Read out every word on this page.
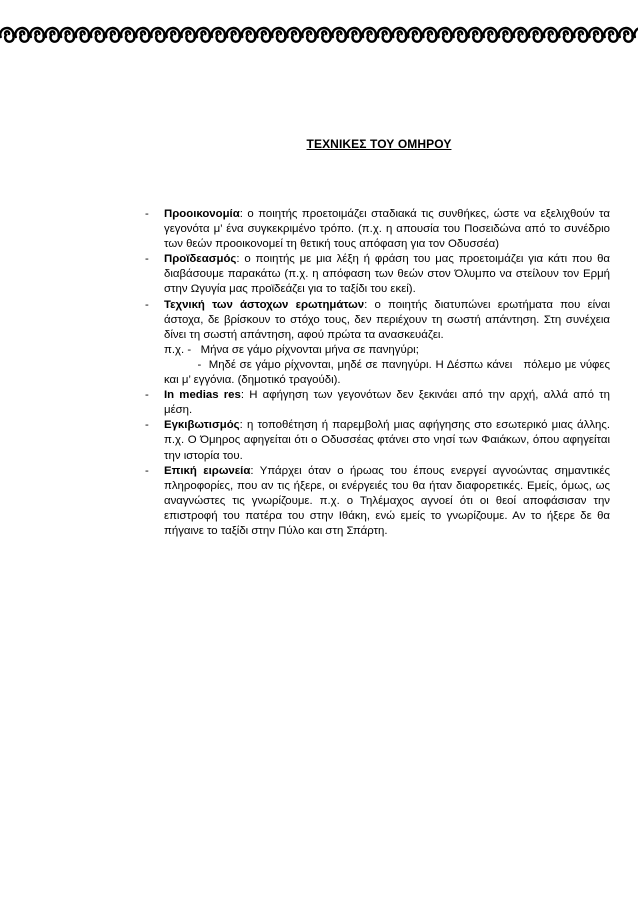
ΤΕΧΝΙΚΕΣ ΤΟΥ ΟΜΗΡΟΥ
- Προοικονομία: ο ποιητής προετοιμάζει σταδιακά τις συνθήκες, ώστε να εξελιχθούν τα γεγονότα μ’ ένα συγκεκριμένο τρόπο. (π.χ. η απουσία του Ποσειδώνα από το συνέδριο των θεών προοικονομεί τη θετική τους απόφαση για τον Οδυσσέα)
- Προϊδεασμός: ο ποιητής με μια λέξη ή φράση του μας προετοιμάζει για κάτι που θα διαβάσουμε παρακάτω (π.χ. η απόφαση των θεών στον Όλυμπο να στείλουν τον Ερμή στην Ωγυγία μας προϊδεάζει για το ταξίδι του εκεί).
- Τεχνική των άστοχων ερωτημάτων: ο ποιητής διατυπώνει ερωτήματα που είναι άστοχα, δε βρίσκουν το στόχο τους, δεν περιέχουν τη σωστή απάντηση. Στη συνέχεια δίνει τη σωστή απάντηση, αφού πρώτα τα ανασκευάζει.
π.χ. -   Μήνα σε γάμο ρίχνονται μήνα σε πανηγύρι;
-  Μηδέ σε γάμο ρίχνονται, μηδέ σε πανηγύρι. Η Δέσπω κάνει   πόλεμο με νύφες και μ’ εγγόνια. (δημοτικό τραγούδι).
- In medias res: Η αφήγηση των γεγονότων δεν ξεκινάει από την αρχή, αλλά από τη μέση.
- Εγκιβωτισμός: η τοποθέτηση ή παρεμβολή μιας αφήγησης στο εσωτερικό μιας άλλης. π.χ. Ο Όμηρος αφηγείται ότι ο Οδυσσέας φτάνει στο νησί των Φαιάκων, όπου αφηγείται την ιστορία του.
- Επική ειρωνεία: Υπάρχει όταν ο ήρωας του έπους ενεργεί αγνοώντας σημαντικές πληροφορίες, που αν τις ήξερε, οι ενέργειές του θα ήταν διαφορετικές. Εμείς, όμως, ως αναγνώστες τις γνωρίζουμε. π.χ. ο Τηλέμαχος αγνοεί ότι οι θεοί αποφάσισαν την επιστροφή του πατέρα του στην Ιθάκη, ενώ εμείς το γνωρίζουμε. Αν το ήξερε δε θα πήγαινε το ταξίδι στην Πύλο και στη Σπάρτη.
